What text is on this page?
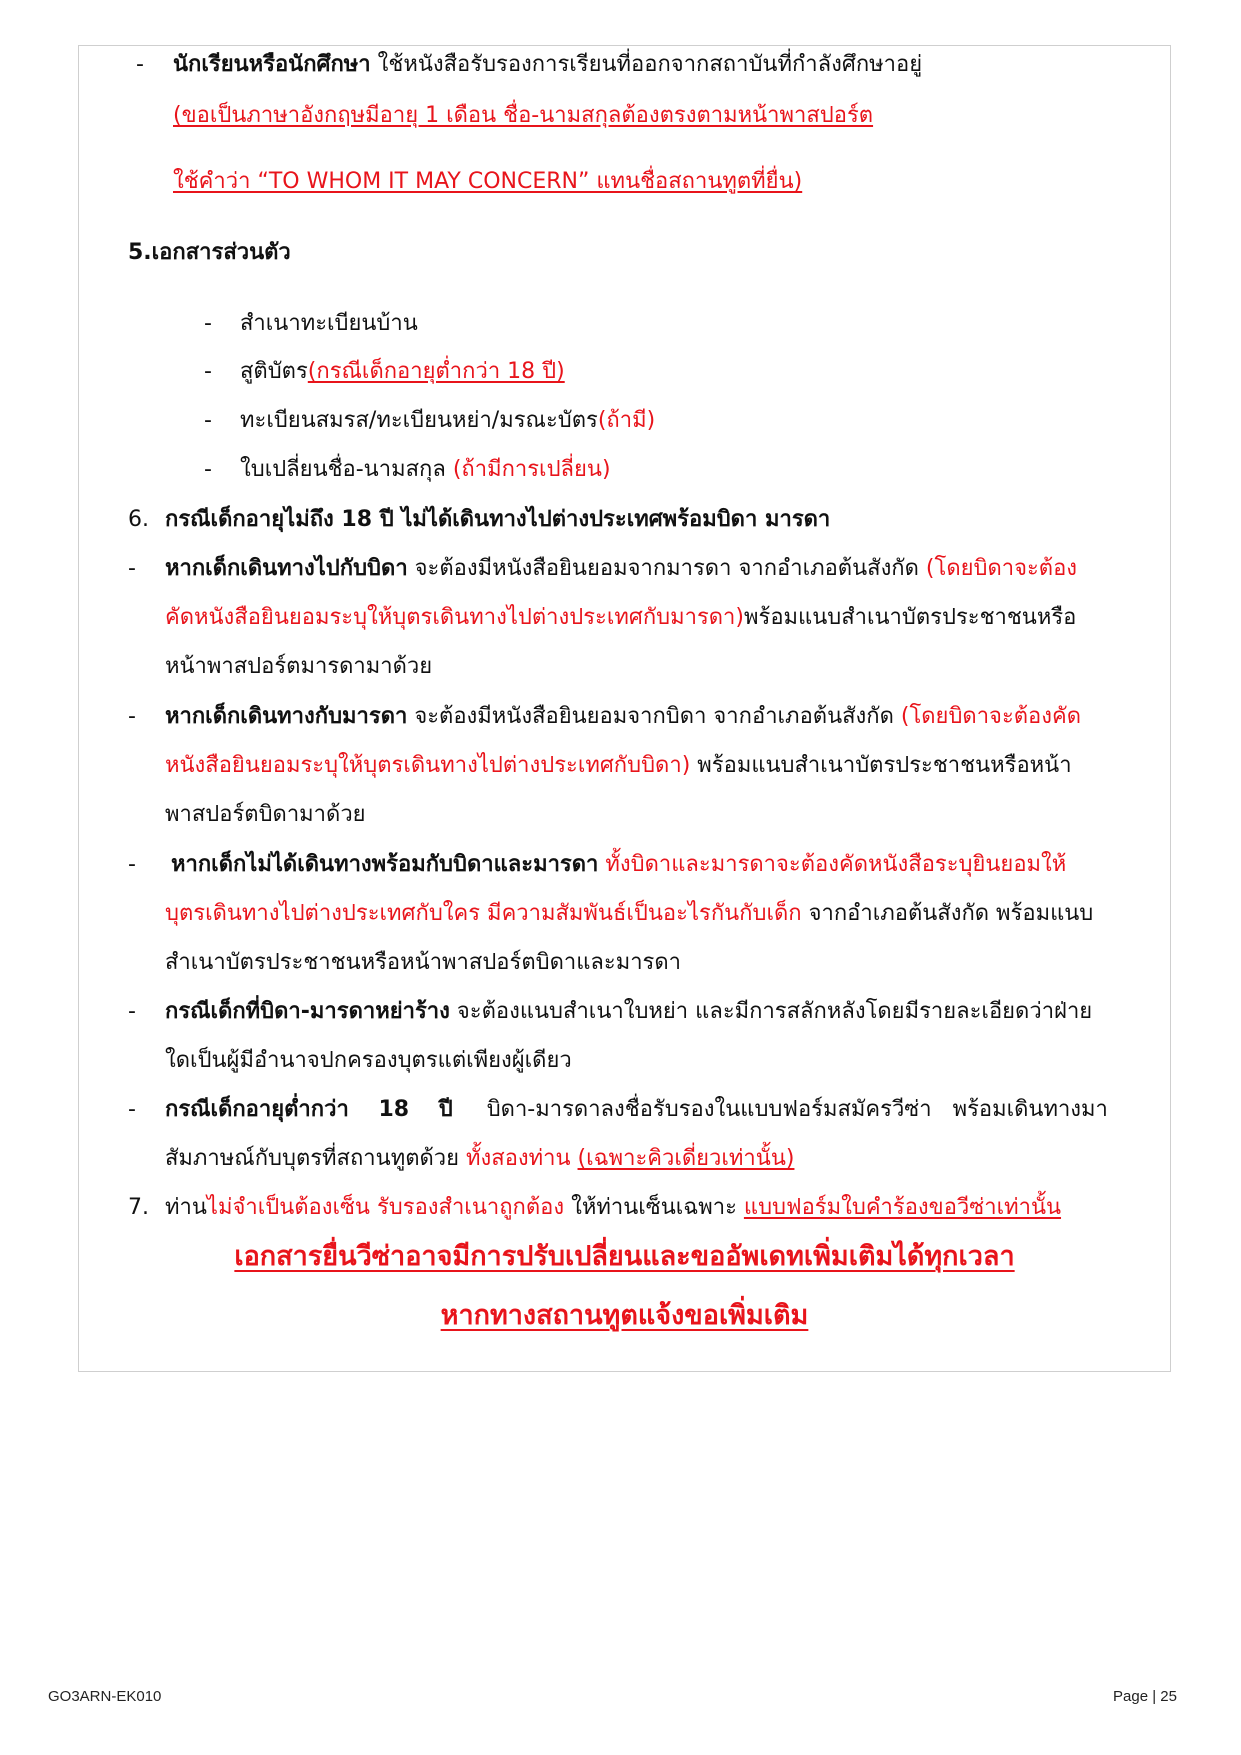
- นักเรียนหรือนักศึกษา ใช้หนังสือรับรองการเรียนที่ออกจากสถาบันที่กำลังศึกษาอยู่
(ขอเป็นภาษาอังกฤษมีอายุ 1 เดือน ชื่อ-นามสกุลต้องตรงตามหน้าพาสปอร์ต
ใช้คำว่า “TO WHOM IT MAY CONCERN” แทนชื่อสถานทูตที่ยื่น)
5.เอกสารส่วนตัว
- สำเนาทะเบียนบ้าน
- สูติบัตร(กรณีเด็กอายุต่ำกว่า 18 ปี)
- ทะเบียนสมรส/ทะเบียนหย่า/มรณะบัตร(ถ้ามี)
- ใบเปลี่ยนชื่อ-นามสกุล (ถ้ามีการเปลี่ยน)
6. กรณีเด็กอายุไม่ถึง 18 ปี ไม่ได้เดินทางไปต่างประเทศพร้อมบิดา มารดา
- หากเด็กเดินทางไปกับบิดา จะต้องมีหนังสือยินยอมจากมารดา จากอำเภอต้นสังกัด (โดยบิดาจะต้อง
คัดหนังสือยินยอมระบุให้บุตรเดินทางไปต่างประเทศกับมารดา)พร้อมแนบสำเนาบัตรประชาชนหรือ
หน้าพาสปอร์ตมารดามาด้วย
- หากเด็กเดินทางกับมารดา จะต้องมีหนังสือยินยอมจากบิดา จากอำเภอต้นสังกัด (โดยบิดาจะต้องคัด
หนังสือยินยอมระบุให้บุตรเดินทางไปต่างประเทศกับบิดา) พร้อมแนบสำเนาบัตรประชาชนหรือหน้า
พาสปอร์ตบิดามาด้วย
- หากเด็กไม่ได้เดินทางพร้อมกับบิดาและมารดา ทั้งบิดาและมารดาจะต้องคัดหนังสือระบุยินยอมให้
บุตรเดินทางไปต่างประเทศกับใคร มีความสัมพันธ์เป็นอะไรกันกับเด็ก จากอำเภอต้นสังกัด พร้อมแนบ
สำเนาบัตรประชาชนหรือหน้าพาสปอร์ตบิดาและมารดา
- กรณีเด็กที่บิดา-มารดาหย่าร้าง จะต้องแนบสำเนาใบหย่า และมีการสลักหลังโดยมีรายละเอียดว่าฝ่าย
ใดเป็นผู้มีอำนาจปกครองบุตรแต่เพียงผู้เดียว
- กรณีเด็กอายุต่ำกว่า 18 ปี บิดา-มารดาลงชื่อรับรองในแบบฟอร์มสมัครวีซ่า พร้อมเดินทางมา
สัมภาษณ์กับบุตรที่สถานทูตด้วย ทั้งสองท่าน (เฉพาะคิวเดี่ยวเท่านั้น)
7. ท่านไม่จำเป็นต้องเซ็น รับรองสำเนาถูกต้อง ให้ท่านเซ็นเฉพาะ แบบฟอร์มใบคำร้องขอวีซ่าเท่านั้น
เอกสารยื่นวีซ่าอาจมีการปรับเปลี่ยนและขออัพเดทเพิ่มเติมได้ทุกเวลา
หากทางสถานทูตแจ้งขอเพิ่มเติม
GO3ARN-EK010	Page | 25
